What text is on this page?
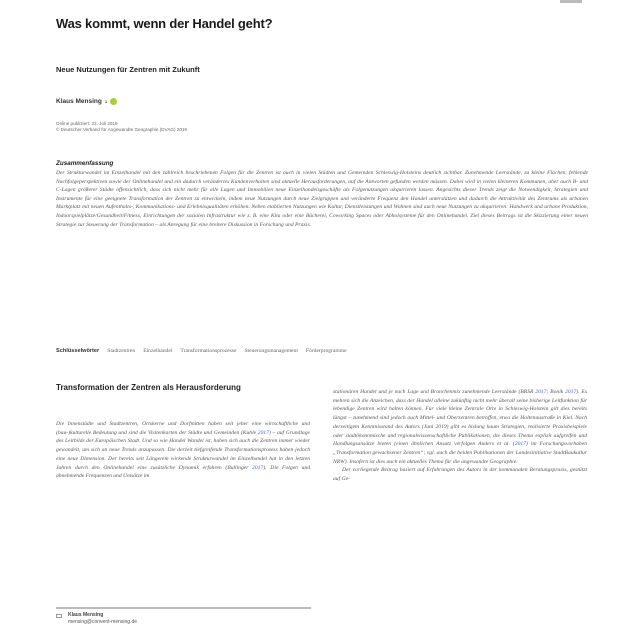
Was kommt, wenn der Handel geht?
Neue Nutzungen für Zentren mit Zukunft
Klaus Mensing 1
Online publiziert: 23. Juli 2019
© Deutscher Verband für Angewandte Geographie (DVAG) 2019
Zusammenfassung

Der Strukturwandel im Einzelhandel mit den zahlreich beschriebenen Folgen für die Zentren ist auch in vielen Städten und Gemeinden Schleswig-Holsteins deutlich sichtbar. Zunehmende Leerstände, zu kleine Flächen, fehlende Nachfolgeperspektiven sowie der Onlinehandel und ein dadurch verändertes Kundenverhalten sind aktuelle Herausforderungen, auf die Antworten gefunden werden müssen. Dabei wird in vielen kleineren Kommunen, aber auch B- und C-Lagen größerer Städte offensichtlich, dass sich nicht mehr für alle Lagen und Immobilien neue Einzelhandelsgeschäfte als Folgenutzungen akquirieren lassen. Angesichts dieser Trends zeigt die Notwendigkeit, Strategien und Instrumente für eine geeignete Transformation der Zentren zu entwickeln, indem neue Nutzungen durch neue Zielgruppen und veränderte Frequenz den Handel unterstützen und dadurch die Attraktivität des Zentrums als urbanen Marktplatz mit neuen Aufenthalts-, Kommunikations- und Erlebnisqualitäten erhöhen. Neben etablierten Nutzungen wie Kultur, Dienstleistungen und Wohnen sind auch neue Nutzungen zu akquirieren: Handwerk und urbane Produktion, Indoorspielplätze/Gesundheit/Fitness, Einrichtungen der sozialen Infrastruktur wie z. B. eine Kita oder eine Bücherei, Coworking Spaces oder Abholsysteme für den Onlinehandel. Ziel dieses Beitrags ist die Skizzierung einer neuen Strategie zur Steuerung der Transformation – als Anregung für eine breitere Diskussion in Forschung und Praxis.

Schlüsselwörter Stadtzentren Einzelhandel Transformationsprozesse Steuerungsmanagement Förderprogramme
Transformation der Zentren als Herausforderung

Die Innenstädte und Stadtzentren, Ortskerne und Dorfmitten haben seit jeher eine wirtschaftliche und (bau-)kulturelle Bedeutung und sind die Visitenkarten der Städte und Gemeinden (Kuhle 2017) – auf Grundlage des Leitbilds der Europäischen Stadt. Und so wie Handel Wandel ist, haben sich auch die Zentren immer wieder gewandelt, um sich an neue Trends anzupassen. Die derzeit tiefgreifende Transformationsprozess haben jedoch eine neue Dimension. Der bereits seit Längerem wirkende Strukturwandel im Einzelhandel hat in den letzten Jahren durch den Onlinehandel eine zusätzliche Dynamik erfahren (Bullinger 2017). Die Folgen und abnehmende Frequenzen und Umsätze im

stationären Handel und je nach Lage und Branchenmix zunehmende Leerstände (BBSR 2017; Bonik 2017). Es mehren sich die Anzeichen, dass der Handel alleine zukünftig nicht mehr überall seine bisherige Leitfunktion für lebendige Zentren wird halten können. Für viele kleine Zentrale Orte in Schleswig-Holstein gilt dies bereits längst – zunehmend sind jedoch auch Mittel- und Oberzentren betroffen, etwa die Holtenaustraße in Kiel. Nach derzeitigem Kenntnisstand des Autors (Juni 2019) gibt es bislang kaum Strategien, realisierte Praxisbeispiele oder stadtökonomische und regionalwissenschaftliche Publikationen, die dieses Thema explizit aufgreifen und Handlungsansätze bieten (einen ähnlichen Ansatz verfolgen Anders et al. (2017) im Forschungsvorhaben „Transformation gewachsener Zentren“; vgl. auch die beiden Publikationen der Landesinitiative StadtBaukultur NRW). Insofern ist dies auch ein aktuelles Thema für die angewandte Geographie.

Der vorliegende Beitrag basiert auf Erfahrungen des Autors in der kommunalen Beratungspraxis, gestützt auf Ge-

Klaus Mensing
mensing@convent-mensing.de
